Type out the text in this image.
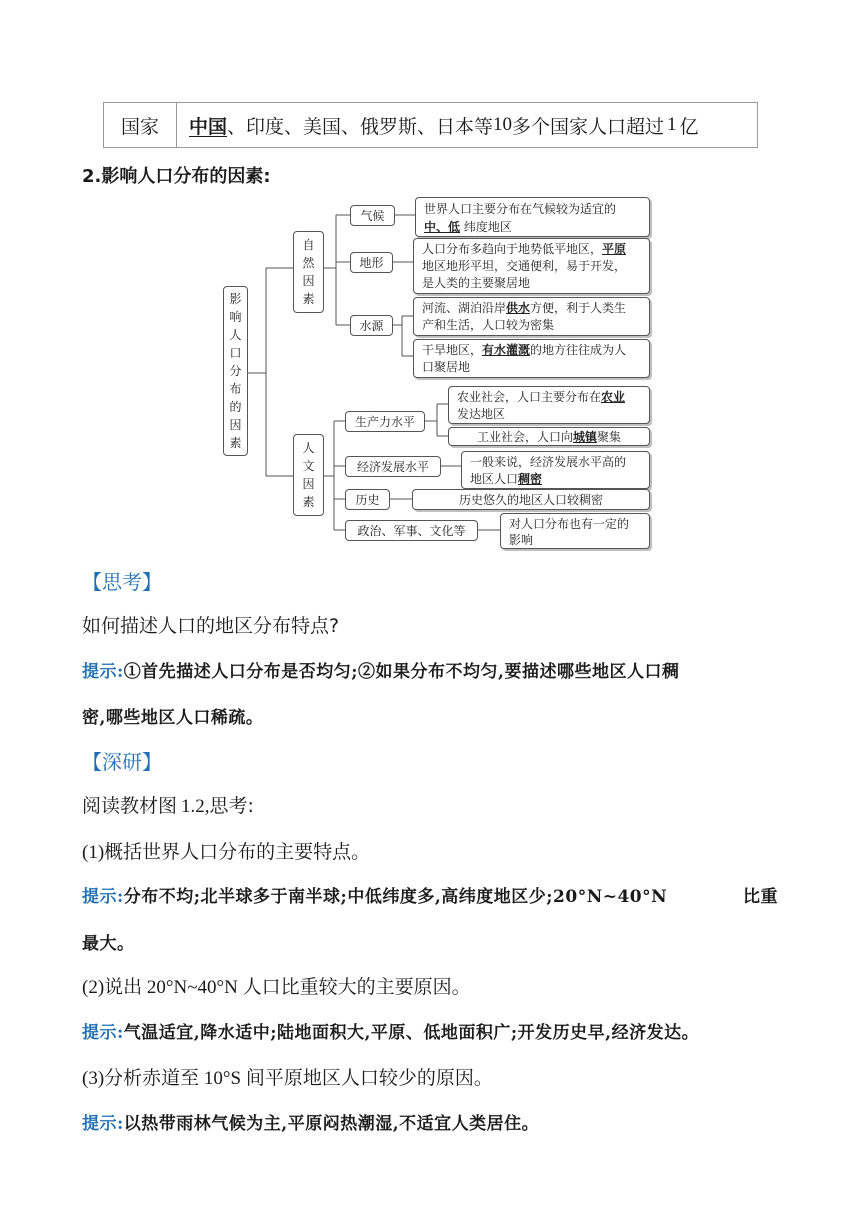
国家	中国 、印度、美国、俄罗斯、日本等 10 多个国家人口超过 1 亿
2.影响人口分布的因素:
影
响
人
口
分
布
的
因
素
自
然
因
素
人
文
因
素
气候	世界人口主要分布在气候较为适宜的
中、低 纬度地区
地形
人口分布多趋向于地势低平地区，平原
地区地形平坦，交通便利，易于开发，
是人类的主要聚居地
水源
河流、湖泊沿岸供水方便，利于人类生
产和生活，人口较为密集
干旱地区，有水灌溉的地方往往成为人
口聚居地
生产力水平
农业社会，人口主要分布在农业
发达地区
工业社会，人口向城镇聚集
经济发展水平	一般来说，经济发展水平高的
地区人口稠密
历史	历史悠久的地区人口较稠密
政治、军事、文化等	对人口分布也有一定的
影响
【思考】
如何描述人口的地区分布特点?
提示:①首先描述人口分布是否均匀;②如果分布不均匀,要描述哪些地区人口稠
密,哪些地区人口稀疏。
【深研】
阅读教材图 1.2,思考:
(1)概括世界人口分布的主要特点。
提示:分布不均;北半球多于南半球;中低纬度多,高纬度地区少;20°N~40°N	比重
最大。
(2)说出 20°N~40°N 人口比重较大的主要原因。
提示:气温适宜,降水适中;陆地面积大,平原、低地面积广;开发历史早,经济发达。
(3)分析赤道至 10°S 间平原地区人口较少的原因。
提示:以热带雨林气候为主,平原闷热潮湿,不适宜人类居住。
